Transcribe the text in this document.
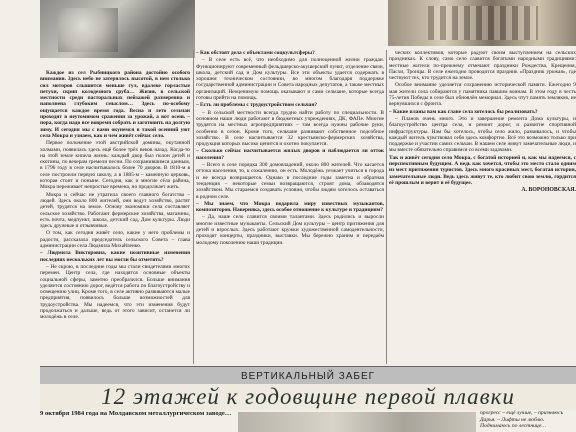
Каждое из сел Рыбницкого района достойно особого внимания. Здесь небо не затерялось высотой, в нем столько сил моторов слышится меньше гул, вдалеке горластые петухи, скрип колодезного сруба… Жизнь в сельской местности среди пасторальных пейзажей размеренна и наполнена глубоким смыслом… Здесь по-особому ощущается каждое время года. Весна и лето сельчан проходят в неутомимом сражении за урожай, а вот осень – пора, когда надо все вовремя собрать и заготовить на долгую зиму. И сегодня мы с вами окунемся в такой осенний уют села Мокра и узнаем, как и чем живёт сейчас село.

Первое положение этой австрийской домины, окутанной холмами, появилась здесь ещё более трёх веков назад. Когда-то на этой земле кипела жизнь: каждый двор был полон детей и скотины, по вечерам гремели песни. По сохранившимся данным, в 1796 году в селе насчитывалось более 70 дворов. В 1810-м в селе построили первую школу, а в 1885-м – каменную церковь, которая стоит и поныне. Сегодня, как и многие сёла района, Мокра переживает непростые времена, но продолжает жить.

Мокра и сейчас не утратила своего главного богатства – людей. Здесь около 800 жителей, они ведут хозяйство, растят детей, трудятся на земле. Основу экономики села составляет сельское хозяйство. Работают фермерские хозяйства, магазины, есть почта, медпункт, школа, детский сад, Дом культуры. Люди здесь дружные и отзывчивые.

О том, как сегодня живёт село, какие у него проблемы и радости, рассказала председатель сельского Совета – глава администрации села Людмила Михайленко.

– Людмила Викторовна, какие позитивные изменения последних нескольких лет вы могли бы отметить?

– Не скрою, в последние годы мы стали свидетелями многих перемен. Центр села, где находятся основные объекты социальной сферы, заметно преобразился. Больше внимания уделяется состоянию дорог, ведётся работа по благоустройству и освещению улиц. Кроме того, в селе активно развиваются малые предприятия, появилось больше возможностей для трудоустройства. Мы надеемся, что эти изменения будут продолжаться и дальше, ведь от этого зависит, останется ли молодёжь в селе.

– Как обстоят дела с объектами соцкультсферы?

– В селе есть всё, что необходимо для полноценной жизни граждан. Функционируют современный фельдшерско-акушерский пункт, отделение связи, школа, детский сад и Дом культуры. Все эти объекты удается содержать в хорошем техническом состоянии, во многом благодаря поддержке государственной администрации и Совета народных депутатов, а также местных организаций. Неоценимую помощь оказывают и сами сельчане, которые всегда готовы прийти на помощь.

– Есть ли проблемы с трудоустройством сельчан?

– В сельской местности всегда трудно найти работу по специальности. В основном наши люди работают в бюджетных учреждениях, ДК, ФАПе. Многие трудятся на местных агропредприятиях – там всегда нужны рабочие руки, особенно в сезон. Кроме того, сельчане развивают собственное подсобное хозяйство. В селе насчитывается 32 крестьянско-фермерских хозяйства, продукция которых высоко ценится и охотно покупается.

– Сколько сейчас насчитывается жилых дворов и наблюдается ли отток населения?

– Всего в селе порядка 300 домовладений, около 800 жителей. Что касается оттока населения, то, к сожалению, он есть. Молодёжь уезжает учиться в города и не всегда возвращается. Однако в последние годы заметна и обратная тенденция – некоторые семьи возвращаются, строят дома, обзаводятся хозяйством. Мы стараемся создавать условия, чтобы людям хотелось оставаться в родном селе.

– Мы знаем, что Мокра подарила миру известных музыкантов, композиторов. Наверняка, здесь особое отношение к культуре и традициям?

– Да, наше село славится своими талантами. Здесь родились и выросли многие известные музыканты. Сельский Дом культуры – центр притяжения для детей и взрослых. Здесь работают кружки художественной самодеятельности, проходят концерты, праздники, выставки. Мы бережно храним и передаём молодому поколению наши традиции.

ческих коллективов, которые радуют своим выступлением на сельских праздниках. К слову, само село славится богатыми народными традициями: местные жители по-прежнему отмечают праздники Рождества, Крещения, Пасхи, Троицы. В селе ежегодно проводится праздник «Праздник урожая», где чествуют тех, кто трудится на земле.

Особое внимание уделяется сохранению исторической памяти. Ежегодно 9 мая жители села собираются у памятника павшим воинам. В этом году в честь 75-летия Победы в селе был обновлён мемориал. Здесь чтут память земляков, не вернувшихся с фронта.

– Какие планы вам как главе села хотелось бы реализовать?

– Планов очень много. Это и завершение ремонта Дома культуры, и благоустройство центра села, и ремонт дорог, и развитие спортивной инфраструктуры. Нам бы хотелось, чтобы село жило, развивалось, и чтобы каждый житель чувствовал себя здесь комфортно. Всё это возможно только при поддержке и участии самих сельчан. В нашем селе живут замечательные люди, и мы вместе обязательно справимся со всеми задачами.

Так и живёт сегодня село Мокра, с богатой историей и, как мы надеемся, с перспективным будущим. А ведь как хочется, чтобы это место стало одним из мест притяжения туристов. Здесь много красивых мест, богатая история, замечательные люди. Ведь здесь живут те, кто любит свою землю, гордится её прошлым и верит в её будущее.

А. ВОРОНОВСКАЯ.

ВЕРТИКАЛЬНЫЙ ЗАБЕГ
12 этажей к годовщине первой плавки
9 октября 1984 года на Молдавском металлургическом заводе…	прогресс – ещё лучше, – признаюсь Дарья. – Лифты не люблю. Поднимаюсь по лестнице…
